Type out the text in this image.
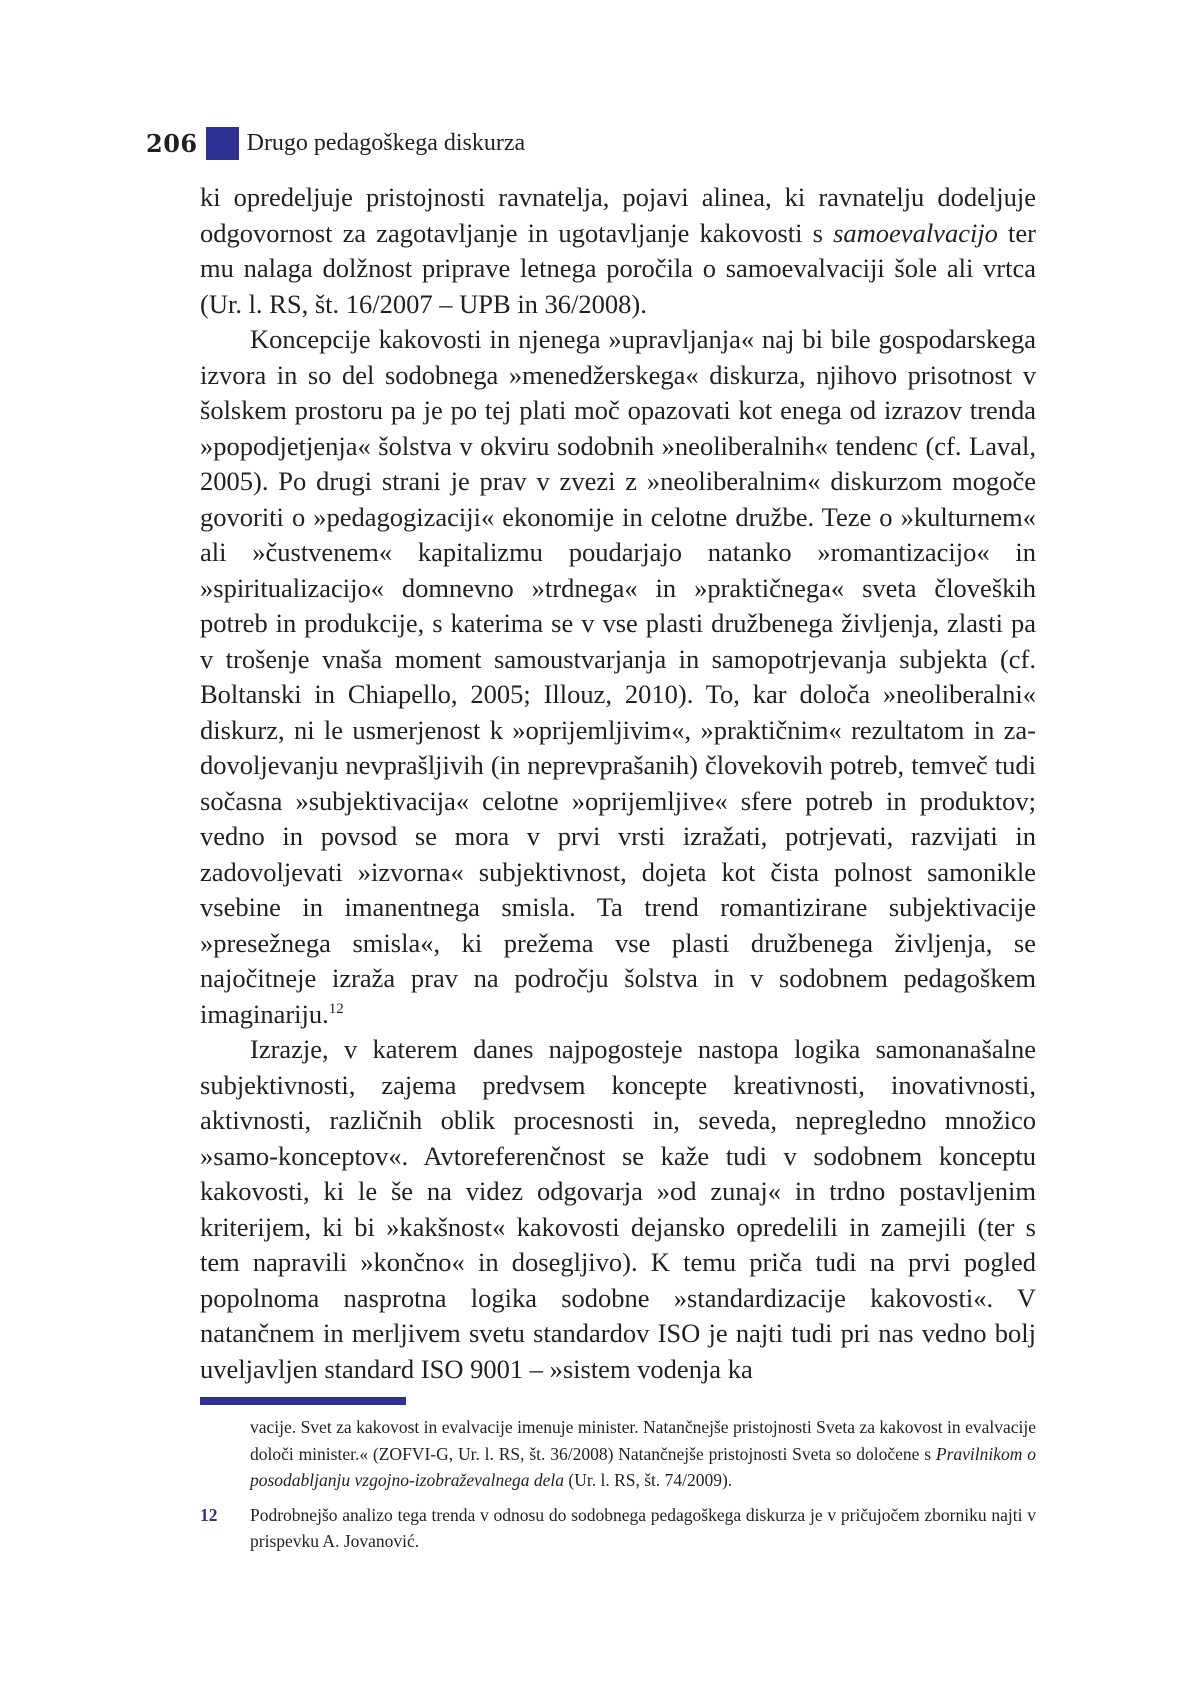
206 Drugo pedagoškega diskurza

ki opredeljuje pristojnosti ravnatelja, pojavi alinea, ki ravnatelju dodeljuje odgovornost za zagotavljanje in ugotavljanje kakovosti s samoevalvacijo ter mu nalaga dolžnost priprave letnega poročila o samoevalvaciji šole ali vrtca (Ur. l. RS, št. 16/2007 – UPB in 36/2008).

Koncepcije kakovosti in njenega »upravljanja« naj bi bile gospodarskega izvora in so del sodobnega »menedžerskega« diskurza, njihovo prisotnost v šolskem prostoru pa je po tej plati moč opazovati kot enega od izrazov trenda »popodjetjenja« šolstva v okviru sodobnih »neoliberalnih« tendenc (cf. Laval, 2005). Po drugi strani je prav v zvezi z »neoliberalnim« diskurzom mogoče govoriti o »pedagogizaciji« ekonomije in celotne družbe. Teze o »kulturnem« ali »čustvenem« kapitalizmu poudarjajo natanko »romantizacijo« in »spiritualizacijo« domnevno »trdnega« in »praktičnega« sveta človeških potreb in produkcije, s katerima se v vse plasti družbenega življenja, zlasti pa v trošenje vnaša moment samoustvarjanja in samopotrjevanja subjekta (cf. Boltanski in Chiapello, 2005; Illouz, 2010). To, kar določa »neoliberalni« diskurz, ni le usmerjenost k »oprijemljivim«, »praktičnim« rezultatom in zadovoljevanju nevprašljivih (in neprevprašanih) človekovih potreb, temveč tudi sočasna »subjektivacija« celotne »oprijemljive« sfere potreb in produktov; vedno in povsod se mora v prvi vrsti izražati, potrjevati, razvijati in zadovoljevati »izvorna« subjektivnost, dojeta kot čista polnost samonikle vsebine in imanentnega smisla. Ta trend romantizirane subjektivacije »presežnega smisla«, ki prežema vse plasti družbenega življenja, se najočitneje izraža prav na področju šolstva in v sodobnem pedagoškem imaginariju.$^{12}$

Izrazje, v katerem danes najpogosteje nastopa logika samonanašalne subjektivnosti, zajema predvsem koncepte kreativnosti, inovativnosti, aktivnosti, različnih oblik procesnosti in, seveda, nepregledno množico »samo-konceptov«. Avtoreferenčnost se kaže tudi v sodobnem konceptu kakovosti, ki le še na videz odgovarja »od zunaj« in trdno postavljenim kriterijem, ki bi »kakšnost« kakovosti dejansko opredelili in zamejili (ter s tem napravili »končno« in dosegljivo). K temu priča tudi na prvi pogled popolnoma nasprotna logika sodobne »standardizacije kakovosti«. V natančnem in merljivem svetu standardov ISO je najti tudi pri nas vedno bolj uveljavljen standard ISO 9001 – »sistem vodenja ka

vacije. Svet za kakovost in evalvacije imenuje minister. Natančnejše pristojnosti Sveta za kakovost in evalvacije določi minister.« (ZOFVI-G, Ur. l. RS, št. 36/2008) Natančnejše pristojnosti Sveta so določene s Pravilnikom o posodabljanju vzgojno-izobraževalnega dela (Ur. l. RS, št. 74/2009).
12	Podrobnejšo analizo tega trenda v odnosu do sodobnega pedagoškega diskurza je v pričujočem zborniku najti v prispevku A. Jovanović.
